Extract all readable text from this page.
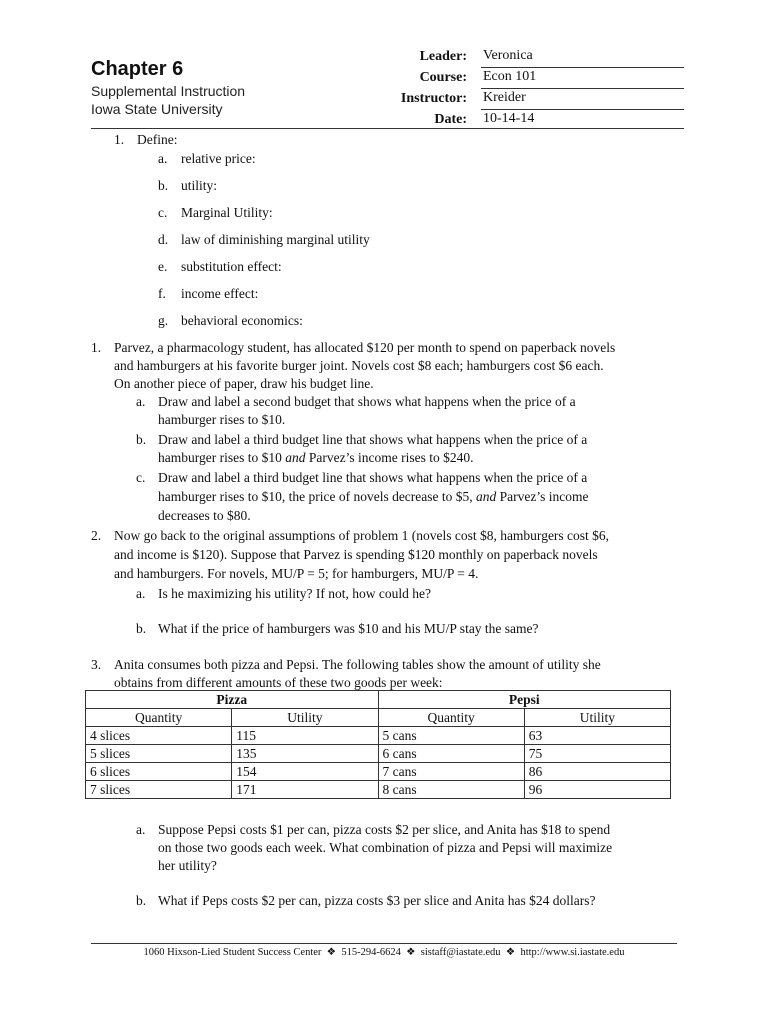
Chapter 6
Supplemental Instruction
Iowa State University
Leader: Veronica
Course: Econ 101
Instructor: Kreider
Date: 10-14-14
1. Define:
a. relative price:
b. utility:
c. Marginal Utility:
d. law of diminishing marginal utility
e. substitution effect:
f. income effect:
g. behavioral economics:
1. Parvez, a pharmacology student, has allocated $120 per month to spend on paperback novels
and hamburgers at his favorite burger joint. Novels cost $8 each; hamburgers cost $6 each.
On another piece of paper, draw his budget line.
a. Draw and label a second budget that shows what happens when the price of a
hamburger rises to $10.
b. Draw and label a third budget line that shows what happens when the price of a
hamburger rises to $10 and Parvez’s income rises to $240.
c. Draw and label a third budget line that shows what happens when the price of a
hamburger rises to $10, the price of novels decrease to $5, and Parvez’s income
decreases to $80.
2. Now go back to the original assumptions of problem 1 (novels cost $8, hamburgers cost $6,
and income is $120). Suppose that Parvez is spending $120 monthly on paperback novels
and hamburgers. For novels, MU/P = 5; for hamburgers, MU/P = 4.
a. Is he maximizing his utility? If not, how could he?
b. What if the price of hamburgers was $10 and his MU/P stay the same?
3. Anita consumes both pizza and Pepsi. The following tables show the amount of utility she
obtains from different amounts of these two goods per week:
Pizza		Pepsi	
Quantity	Utility	Quantity	Utility
4 slices	115	5 cans	63
5 slices	135	6 cans	75
6 slices	154	7 cans	86
7 slices	171	8 cans	96
a. Suppose Pepsi costs $1 per can, pizza costs $2 per slice, and Anita has $18 to spend
on those two goods each week. What combination of pizza and Pepsi will maximize
her utility?
b. What if Peps costs $2 per can, pizza costs $3 per slice and Anita has $24 dollars?
1060 Hixson-Lied Student Success Center  ❖  515-294-6624  ❖  sistaff@iastate.edu  ❖  http://www.si.iastate.edu
